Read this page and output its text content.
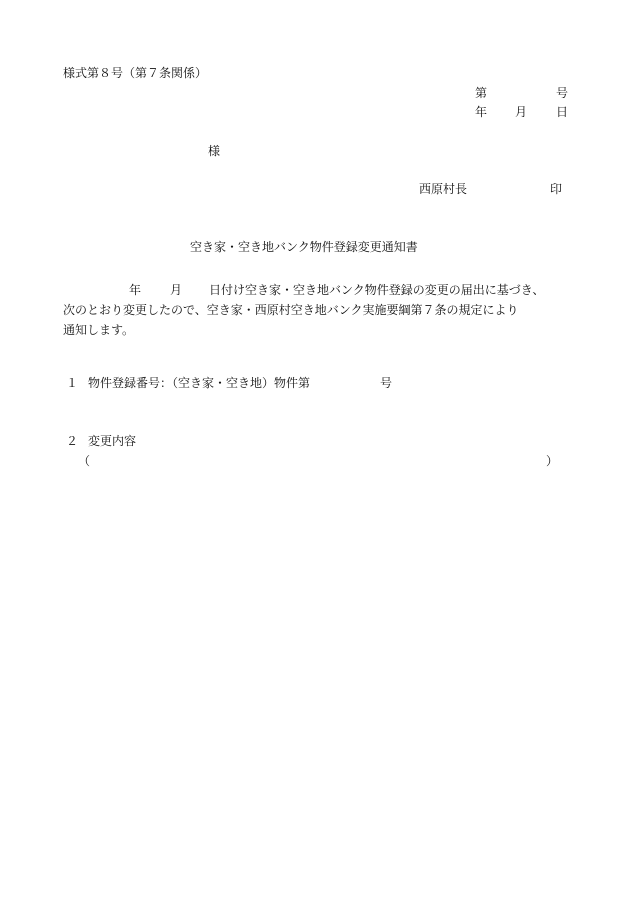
様式第８号（第７条関係）
第	号
年 月 日
様
西原村長	印
空き家・空き地バンク物件登録変更通知書

年 月 日付け空き家・空き地バンク物件登録の変更の届出に基づき、

次のとおり変更したので、空き家・西原村空き地バンク実施要綱第７条の規定により

通知します。

１ 物件登録番号：（空き家・空き地）物件第	号
２ 変更内容
（	）
